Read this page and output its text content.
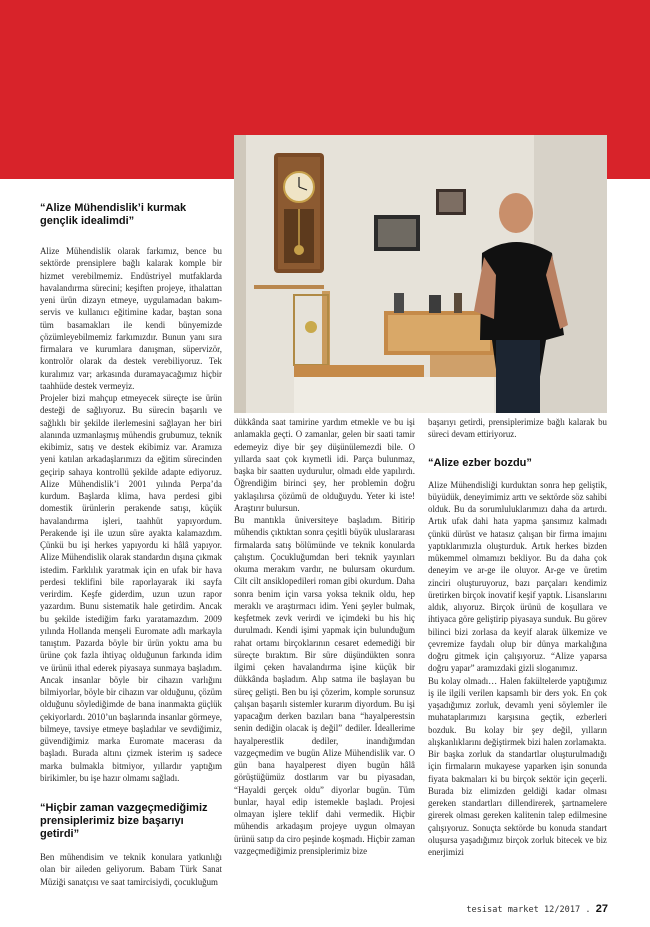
“Alize Mühendislik’i kurmak gençlik idealimdi”

Alize Mühendislik olarak farkımız, bence bu sektörde prensiplere bağlı kalarak komple bir hizmet verebilmemiz. Endüstriyel mutfaklarda havalandırma sürecini; keşiften projeye, ithalattan yeni ürün dizayn etmeye, uygulamadan bakım-servis ve kullanıcı eğitimine kadar, baştan sona tüm basamakları ile kendi bünyemizde çözümleyebilmemiz farkımızdır. Bunun yanı sıra firmalara ve kurumlara danışman, süpervizör, kontrolör olarak da destek verebiliyoruz. Tek kuralımız var; arkasında duramayacağımız hiçbir taahhüde destek vermeyiz.

Projeler bizi mahçup etmeyecek süreçte ise ürün desteği de sağlıyoruz. Bu sürecin başarılı ve sağlıklı bir şekilde ilerlemesini sağlayan her biri alanında uzmanlaşmış mühendis grubumuz, teknik ekibimiz, satış ve destek ekibimiz var. Aramıza yeni katılan arkadaşlarımızı da eğitim sürecinden geçirip sahaya kontrollü şekilde adapte ediyoruz. Alize Mühendislik’i 2001 yılında Perpa’da kurdum. Başlarda klima, hava perdesi gibi domestik ürünlerin perakende satışı, küçük havalandırma işleri, taahhüt yapıyordum. Perakende işi ile uzun süre ayakta kalamazdım. Çünkü bu işi herkes yapıyordu ki hâlâ yapıyor. Alize Mühendislik olarak standardın dışına çıkmak istedim. Farklılık yaratmak için en ufak bir hava perdesi teklifini bile raporlayarak iki sayfa verirdim. Keşfe giderdim, uzun uzun rapor yazardım. Bunu sistematik hale getirdim. Ancak bu şekilde istediğim farkı yaratamazdım. 2009 yılında Hollanda menşeli Euromate adlı markayla tanıştım. Pazarda böyle bir ürün yoktu ama bu ürüne çok fazla ihtiyaç olduğunun farkında idim ve ürünü ithal ederek piyasaya sunmaya başladım. Ancak insanlar böyle bir cihazın varlığını bilmiyorlar, böyle bir cihazın var olduğunu, çözüm olduğunu söylediğimde de bana inanmakta güçlük çekiyorlardı. 2010’un başlarında insanlar görmeye, bilmeye, tavsiye etmeye başladılar ve sevdiğimiz, güvendiğimiz marka Euromate macerası da başladı. Burada altını çizmek isterim ış sadece marka bulmakla bitmiyor, yıllardır yaptığım birikimler, bu işe hazır olmamı sağladı.

“Hiçbir zaman vazgeçmediğimiz prensiplerimiz bize başarıyı getirdi”

Ben mühendisim ve teknik konulara yatkınlığı olan bir aileden geliyorum. Babam Türk Sanat Müziği sanatçısı ve saat tamircisiydi, çocukluğum

dükkânda saat tamirine yardım etmekle ve bu işi anlamakla geçti. O zamanlar, gelen bir saati tamir edemeyiz diye bir şey düşünülemezdi bile. O yıllarda saat çok kıymetli idi. Parça bulunmaz, başka bir saatten uydurulur, olmadı elde yapılırdı. Öğrendiğim birinci şey, her problemin doğru yaklaşılırsa çözümü de olduğuydu. Yeter ki iste! Araştırır bulursun.

Bu mantıkla üniversiteye başladım. Bitirip mühendis çıktıktan sonra çeşitli büyük uluslararası firmalarda satış bölümünde ve teknik konularda çalıştım. Çocukluğumdan beri teknik yayınları okuma merakım vardır, ne bulursam okurdum. Cilt cilt ansiklopedileri roman gibi okurdum. Daha sonra benim için varsa yoksa teknik oldu, hep meraklı ve araştırmacı idim. Yeni şeyler bulmak, keşfetmek zevk verirdi ve içimdeki bu his hiç durulmadı. Kendi işimi yapmak için bulunduğum rahat ortamı birçoklarının cesaret edemediği bir süreçte bıraktım. Bir süre düşündükten sonra ilgimi çeken havalandırma işine küçük bir dükkânda başladım. Alıp satma ile başlayan bu süreç gelişti. Ben bu işi çözerim, komple sorunsuz çalışan başarılı sistemler kurarım diyordum. Bu işi yapacağım derken bazıları bana “hayalperestsin senin dediğin olacak iş değil” dediler. İdeallerime hayalperestlik dediler, inandığımdan vazgeçmedim ve bugün Alize Mühendislik var. O gün bana hayalperest diyen bugün hâlâ görüştüğümüz dostlarım var bu piyasadan, “Hayaldi gerçek oldu” diyorlar bugün. Tüm bunlar, hayal edip istemekle başladı. Projesi olmayan işlere teklif dahi vermedik. Hiçbir mühendis arkadaşım projeye uygun olmayan ürünü satıp da ciro peşinde koşmadı. Hiçbir zaman vazgeçmediğimiz prensiplerimiz bize

başarıyı getirdi, prensiplerimize bağlı kalarak bu süreci devam ettiriyoruz.

“Alize ezber bozdu”

Alize Mühendisliği kurduktan sonra hep geliştik, büyüdük, deneyimimiz arttı ve sektörde söz sahibi olduk. Bu da sorumluluklarımızı daha da artırdı. Artık ufak dahi hata yapma şansımız kalmadı çünkü dürüst ve hatasız çalışan bir firma imajını yaptıklarımızla oluşturduk. Artık herkes bizden mükemmel olmamızı bekliyor. Bu da daha çok deneyim ve ar-ge ile oluyor. Ar-ge ve üretim zinciri oluşturuyoruz, bazı parçaları kendimiz üretirken birçok inovatif keşif yaptık. Lisanslarını aldık, alıyoruz. Birçok ürünü de koşullara ve ihtiyaca göre geliştirip piyasaya sunduk. Bu görev bilinci bizi zorlasa da keyif alarak ülkemize ve çevremize faydalı olup bir dünya markalığına doğru gitmek için çalışıyoruz. “Alize yaparsa doğru yapar” aramızdaki gizli sloganımız.

Bu kolay olmadı… Halen fakültelerde yaptığımız iş ile ilgili verilen kapsamlı bir ders yok. En çok yaşadığımız zorluk, devamlı yeni söylemler ile muhataplarımızı karşısına geçtik, ezberleri bozduk. Bu kolay bir şey değil, yılların alışkanlıklarını değiştirmek bizi halen zorlamakta.

Bir başka zorluk da standartlar oluşturulmadığı için firmaların mukayese yaparken işin sonunda fiyata bakmaları ki bu birçok sektör için geçerli. Burada biz elimizden geldiği kadar olması gereken standartları dillendirerek, şartnamelere girerek olması gereken kalitenin talep edilmesine çalışıyoruz. Sonuçta sektörde bu konuda standart oluşursa yaşadığımız birçok zorluk bitecek ve biz enerjimizi

tesisat market 12/2017 . 27
